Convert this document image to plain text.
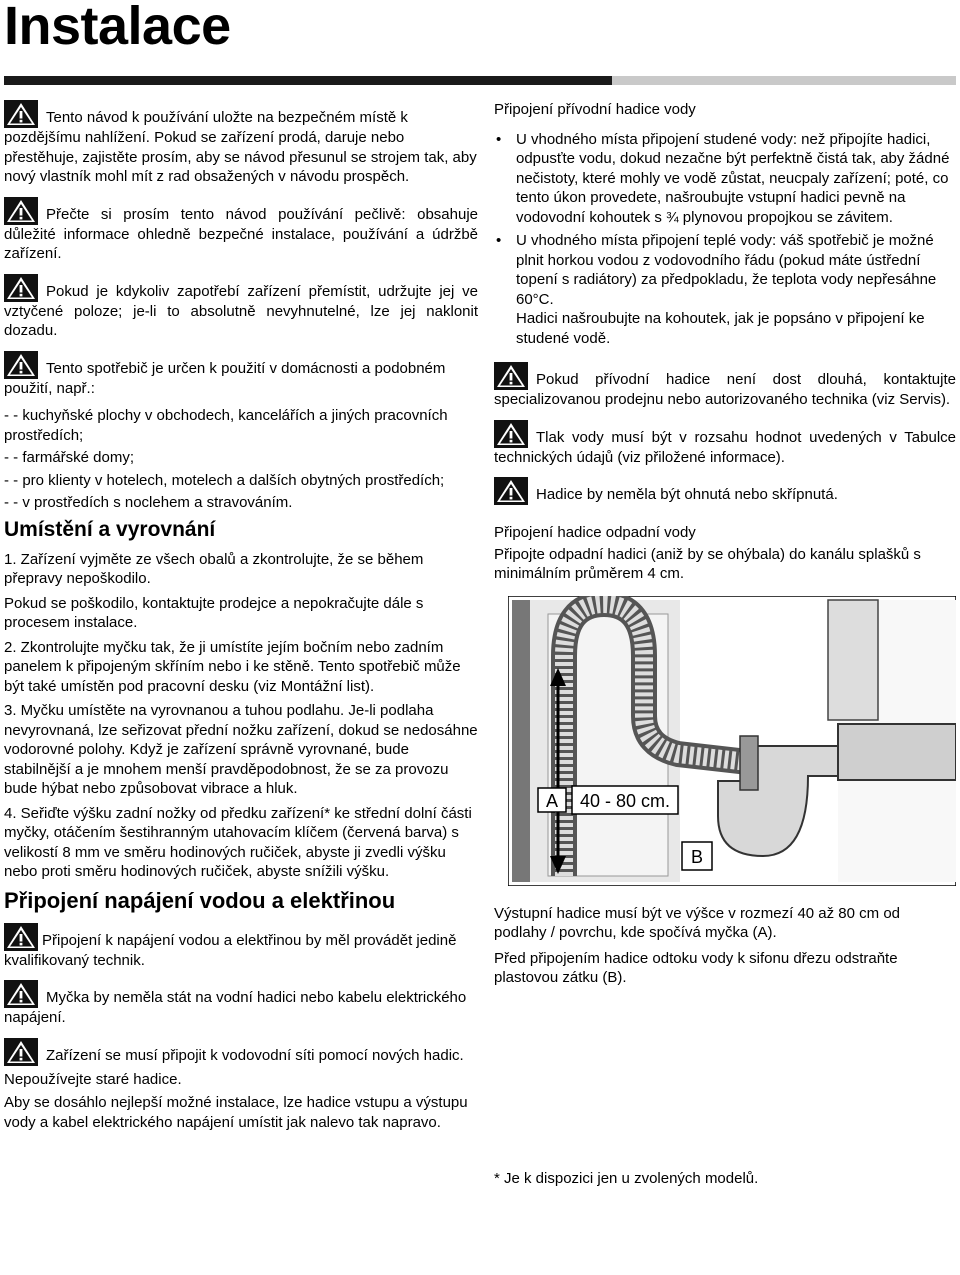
Instalace

Tento návod k používání uložte na bezpečném místě k pozdějšímu nahlížení. Pokud se zařízení prodá, daruje nebo přestěhuje, zajistěte prosím, aby se návod přesunul se strojem tak, aby nový vlastník mohl mít z rad obsažených v návodu prospěch.

Přečte si prosím tento návod používání pečlivě: obsahuje důležité informace ohledně bezpečné instalace, používání a údržbě zařízení.

Pokud je kdykoliv zapotřebí zařízení přemístit, udržujte jej ve vztyčené poloze; je-li to absolutně nevyhnutelné, lze jej naklonit dozadu.

Tento spotřebič je určen k použití v domácnosti a podobném použití, např.:

- - kuchyňské plochy v obchodech, kancelářích a jiných pracovních prostředích;

- - farmářské domy;

- - pro klienty v hotelech, motelech a dalších obytných prostředích;

- - v prostředích s noclehem a stravováním.

Umístění a vyrovnání

1. Zařízení vyjměte ze všech obalů a zkontrolujte, že se během přepravy nepoškodilo.

Pokud se poškodilo, kontaktujte prodejce a nepokračujte dále s procesem instalace.

2. Zkontrolujte myčku tak, že ji umístíte jejím bočním nebo zadním panelem k připojeným skříním nebo i ke stěně. Tento spotřebič může být také umístěn pod pracovní desku (viz Montážní list).

3. Myčku umístěte na vyrovnanou a tuhou podlahu. Je-li podlaha nevyrovnaná, lze seřizovat přední nožku zařízení, dokud se nedosáhne vodorovné polohy. Když je zařízení správně vyrovnané, bude stabilnější a je mnohem menší pravděpodobnost, že se za provozu bude hýbat nebo způsobovat vibrace a hluk.

4. Seřiďte výšku zadní nožky od předku zařízení* ke střední dolní části myčky, otáčením šestihranným utahovacím klíčem (červená barva) s velikostí 8 mm ve směru hodinových ručiček, abyste ji zvedli výšku nebo proti směru hodinových ručiček, abyste snížili výšku.

Připojení napájení vodou a elektřinou

Připojení k napájení vodou a elektřinou by měl provádět jedině kvalifikovaný technik.

Myčka by neměla stát na vodní hadici nebo kabelu elektrického napájení.

Zařízení se musí připojit k vodovodní síti pomocí nových hadic.

Nepoužívejte staré hadice.

Aby se dosáhlo nejlepší možné instalace, lze hadice vstupu a výstupu vody a kabel elektrického napájení umístit jak nalevo tak napravo.

Připojení přívodní hadice vody

• U vhodného místa připojení studené vody: než připojíte hadici, odpusťte vodu, dokud nezačne být perfektně čistá tak, aby žádné nečistoty, které mohly ve vodě zůstat, neucpaly zařízení; poté, co tento úkon provedete, našroubujte vstupní hadici pevně na vodovodní kohoutek s ¾ plynovou propojkou se závitem.
• U vhodného místa připojení teplé vody: váš spotřebič je možné plnit horkou vodou z vodovodního řádu (pokud máte ústřední topení s radiátory) za předpokladu, že teplota vody nepřesáhne 60°C.

Hadici našroubujte na kohoutek, jak je popsáno v připojení ke studené vodě.

Pokud přívodní hadice není dost dlouhá, kontaktujte specializovanou prodejnu nebo autorizovaného technika (viz Servis).

Tlak vody musí být v rozsahu hodnot uvedených v Tabulce technických údajů (viz přiložené informace).

Hadice by neměla být ohnutá nebo skřípnutá.

Připojení hadice odpadní vody

Připojte odpadní hadici (aniž by se ohýbala) do kanálu splašků s minimálním průměrem 4 cm.

A 40 - 80 cm.
B

Výstupní hadice musí být ve výšce v rozmezí 40 až 80 cm od podlahy / povrchu, kde spočívá myčka (A).

Před připojením hadice odtoku vody k sifonu dřezu odstraňte plastovou zátku (B).

* Je k dispozici jen u zvolených modelů.
